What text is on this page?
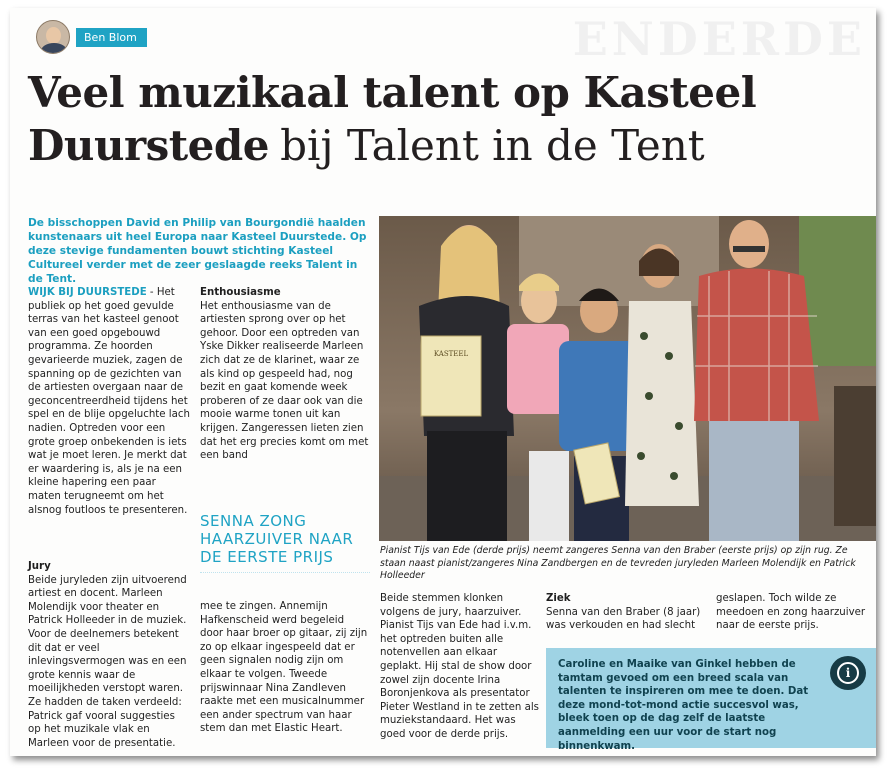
ENDERDE
Ben Blom
Veel muzikaal talent op Kasteel Duurstede bij Talent in de Tent

De bisschoppen David en Philip van Bourgondië haalden kunstenaars uit heel Europa naar Kasteel Duurstede. Op deze stevige fundamenten bouwt stichting Kasteel Cultureel verder met de zeer geslaagde reeks Talent in de Tent.

WIJK BIJ DUURSTEDE - Het publiek op het goed gevulde terras van het kasteel genoot van een goed opgebouwd programma. Ze hoorden gevarieerde muziek, zagen de spanning op de gezichten van de artiesten overgaan naar de geconcentreerdheid tijdens het spel en de blije opgeluchte lach nadien. Optreden voor een grote groep onbekenden is iets wat je moet leren. Je merkt dat er waardering is, als je na een kleine hapering een paar maten terugneemt om het alsnog foutloos te presenteren.

Jury

Beide juryleden zijn uitvoerend artiest en docent. Marleen Molendijk voor theater en Patrick Holleeder in de muziek. Voor de deelnemers betekent dit dat er veel inlevingsvermogen was en een grote kennis waar de moeilijkheden verstopt waren. Ze hadden de taken verdeeld: Patrick gaf vooral suggesties op het muzikale vlak en Marleen voor de presentatie.

Enthousiasme

Het enthousiasme van de artiesten sprong over op het gehoor. Door een optreden van Yske Dikker realiseerde Marleen zich dat ze de klarinet, waar ze als kind op gespeeld had, nog bezit en gaat komende week proberen of ze daar ook van die mooie warme tonen uit kan krijgen. Zangeressen lieten zien dat het erg precies komt om met een band

SENNA ZONG HAARZUIVER NAAR DE EERSTE PRIJS

mee te zingen. Annemijn Hafkenscheid werd begeleid door haar broer op gitaar, zij zijn zo op elkaar ingespeeld dat er geen signalen nodig zijn om elkaar te volgen. Tweede prijswinnaar Nina Zandleven raakte met een musicalnummer een ander spectrum van haar stem dan met Elastic Heart.

KASTEEL

Pianist Tijs van Ede (derde prijs) neemt zangeres Senna van den Braber (eerste prijs) op zijn rug. Ze staan naast pianist/zangeres Nina Zandbergen en de tevreden juryleden Marleen Molendijk en Patrick Holleeder

Beide stemmen klonken volgens de jury, haarzuiver. Pianist Tijs van Ede had i.v.m. het optreden buiten alle notenvellen aan elkaar geplakt. Hij stal de show door zowel zijn docente Irina Boronjenkova als presentator Pieter Westland in te zetten als muziekstandaard. Het was goed voor de derde prijs.

Ziek

Senna van den Braber (8 jaar) was verkouden en had slecht

geslapen. Toch wilde ze meedoen en zong haarzuiver naar de eerste prijs.

i

Caroline en Maaike van Ginkel hebben de tamtam gevoed om een breed scala van talenten te inspireren om mee te doen. Dat deze mond-tot-mond actie succesvol was, bleek toen op de dag zelf de laatste aanmelding een uur voor de start nog binnenkwam.
